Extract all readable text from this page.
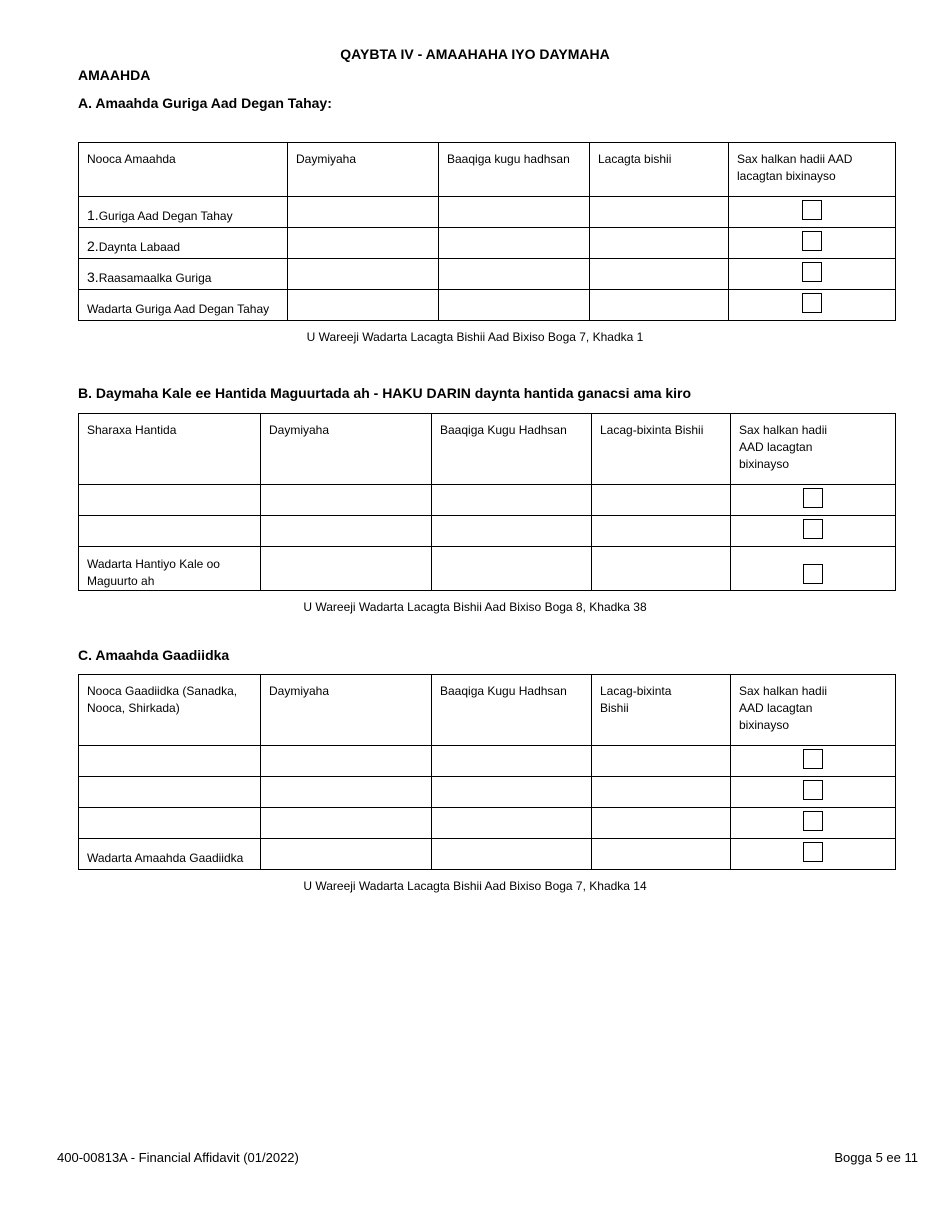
QAYBTA IV - AMAAHAHA IYO DAYMAHA
AMAAHDA
A. Amaahda Guriga Aad Degan Tahay:
Nooca Amaahda	Daymiyaha	Baaqiga kugu hadhsan	Lacagta bishii	Sax halkan hadii AAD lacagtan bixinayso
1.Guriga Aad Degan Tahay				
2.Daynta Labaad				
3.Raasamaalka Guriga				
Wadarta Guriga Aad Degan Tahay				
U Wareeji Wadarta Lacagta Bishii Aad Bixiso Boga 7, Khadka 1
B. Daymaha Kale ee Hantida Maguurtada ah - HAKU DARIN daynta hantida ganacsi ama kiro
Sharaxa Hantida	Daymiyaha	Baaqiga Kugu Hadhsan	Lacag-bixinta Bishii	Sax halkan hadii AAD lacagtan bixinayso

Wadarta Hantiyo Kale oo Maguurto ah				
U Wareeji Wadarta Lacagta Bishii Aad Bixiso Boga 8, Khadka 38
C. Amaahda Gaadiidka
Nooca Gaadiidka (Sanadka, Nooca, Shirkada)	Daymiyaha	Baaqiga Kugu Hadhsan	Lacag-bixinta Bishii	Sax halkan hadii AAD lacagtan bixinayso

Wadarta Amaahda Gaadiidka				
U Wareeji Wadarta Lacagta Bishii Aad Bixiso Boga 7, Khadka 14
400-00813A - Financial Affidavit (01/2022)	Bogga 5 ee 11
